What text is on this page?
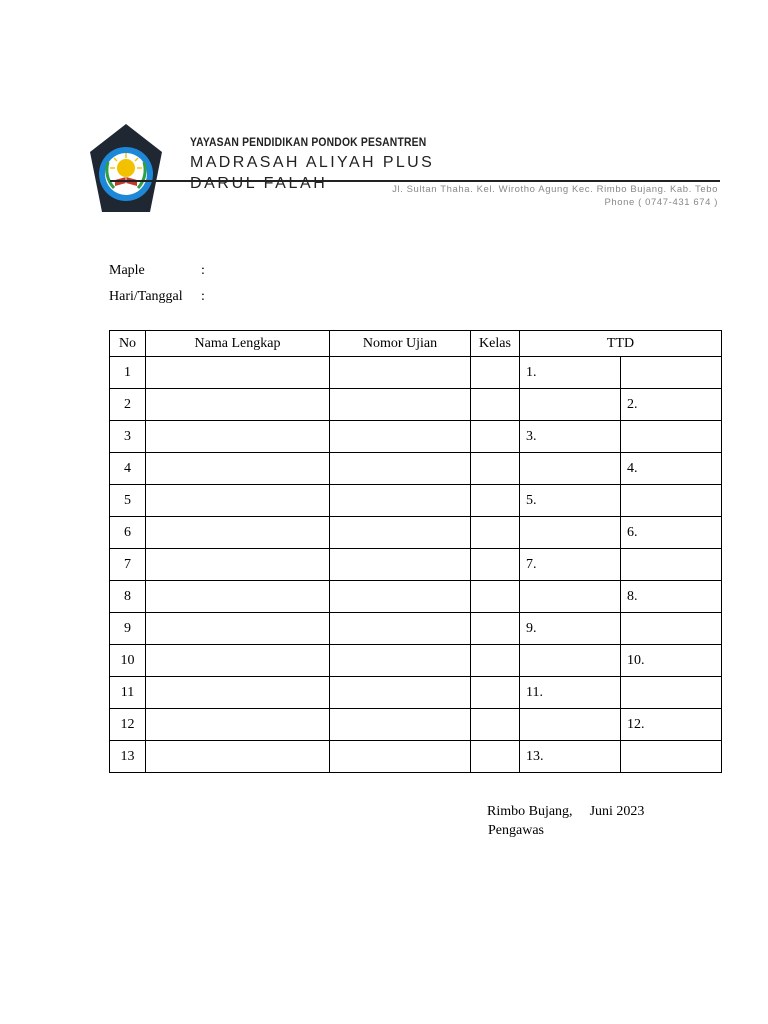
YAYASAN PENDIDIKAN PONDOK PESANTREN
MADRASAH ALIYAH PLUS
DARUL FALAH	Jl. Sultan Thaha. Kel. Wirotho Agung Kec. Rimbo Bujang. Kab. Tebo
Phone ( 0747-431 674 )
Maple	:
Hari/Tanggal :
No	Nama Lengkap	Nomor Ujian	Kelas	TTD	
1				1.	
2					2.
3				3.	
4					4.
5				5.	
6					6.
7				7.	
8					8.
9				9.	
10					10.
11				11.	
12					12.
13				13.	
Rimbo Bujang, Juni 2023
Pengawas
